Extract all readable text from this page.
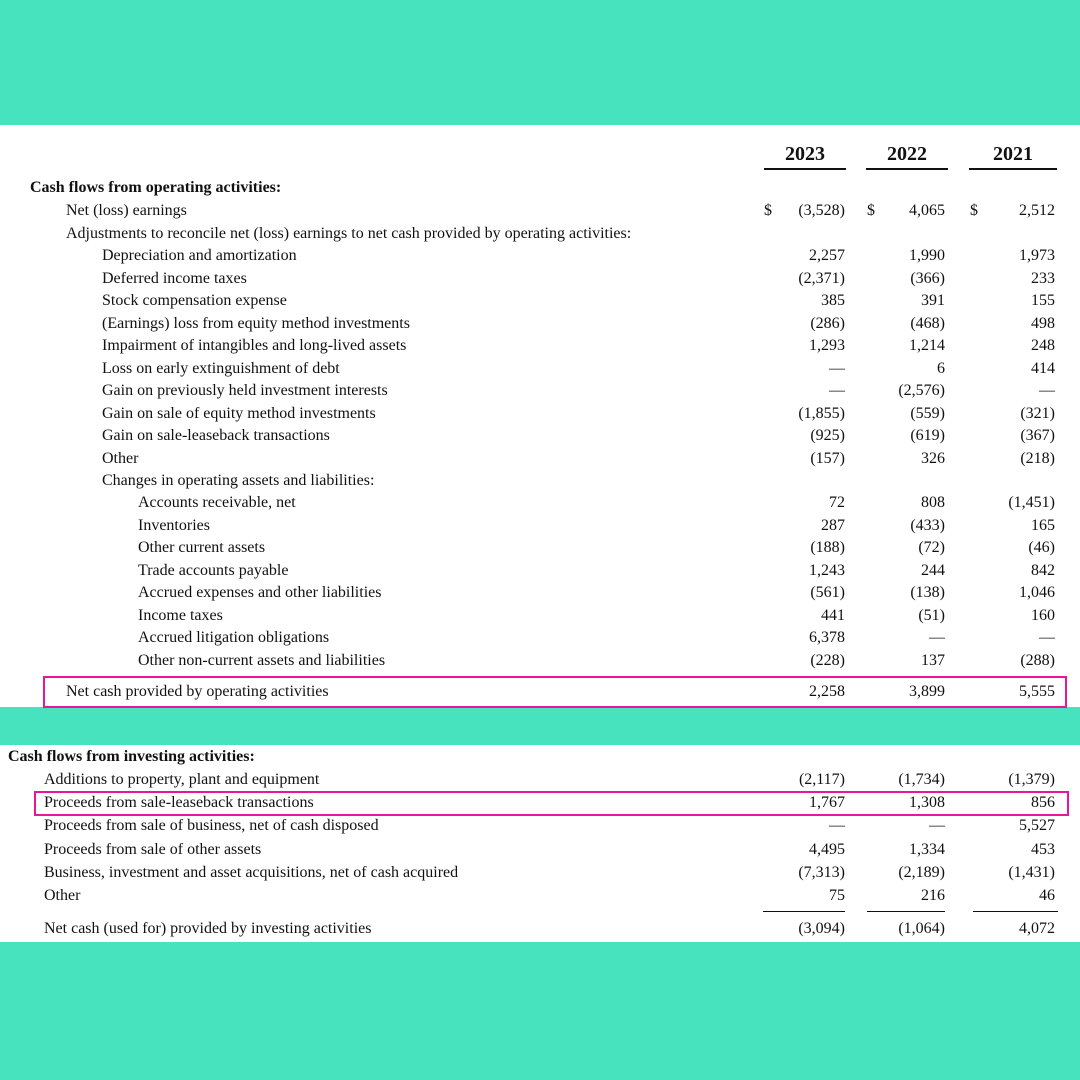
2023	2022	2021
Cash flows from operating activities:
Net (loss) earnings	(3,528)	4,065	2,512
$	$	$
Adjustments to reconcile net (loss) earnings to net cash provided by operating activities:
Depreciation and amortization	2,257	1,990	1,973
Deferred income taxes	(2,371)	(366)	233
Stock compensation expense	385	391	155
(Earnings) loss from equity method investments	(286)	(468)	498
Impairment of intangibles and long-lived assets	1,293	1,214	248
Loss on early extinguishment of debt	—	6	414
Gain on previously held investment interests	—	(2,576)	—
Gain on sale of equity method investments	(1,855)	(559)	(321)
Gain on sale-leaseback transactions	(925)	(619)	(367)
Other	(157)	326	(218)
Changes in operating assets and liabilities:
Accounts receivable, net	72	808	(1,451)
Inventories	287	(433)	165
Other current assets	(188)	(72)	(46)
Trade accounts payable	1,243	244	842
Accrued expenses and other liabilities	(561)	(138)	1,046
Income taxes	441	(51)	160
Accrued litigation obligations	6,378	—	—
Other non-current assets and liabilities	(228)	137	(288)
Net cash provided by operating activities	2,258	3,899	5,555
Cash flows from investing activities:
Additions to property, plant and equipment	(2,117)	(1,734)	(1,379)
Proceeds from sale-leaseback transactions	1,767	1,308	856
Proceeds from sale of business, net of cash disposed	—	—	5,527
Proceeds from sale of other assets	4,495	1,334	453
Business, investment and asset acquisitions, net of cash acquired	(7,313)	(2,189)	(1,431)
Other	75	216	46
Net cash (used for) provided by investing activities	(3,094)	(1,064)	4,072
